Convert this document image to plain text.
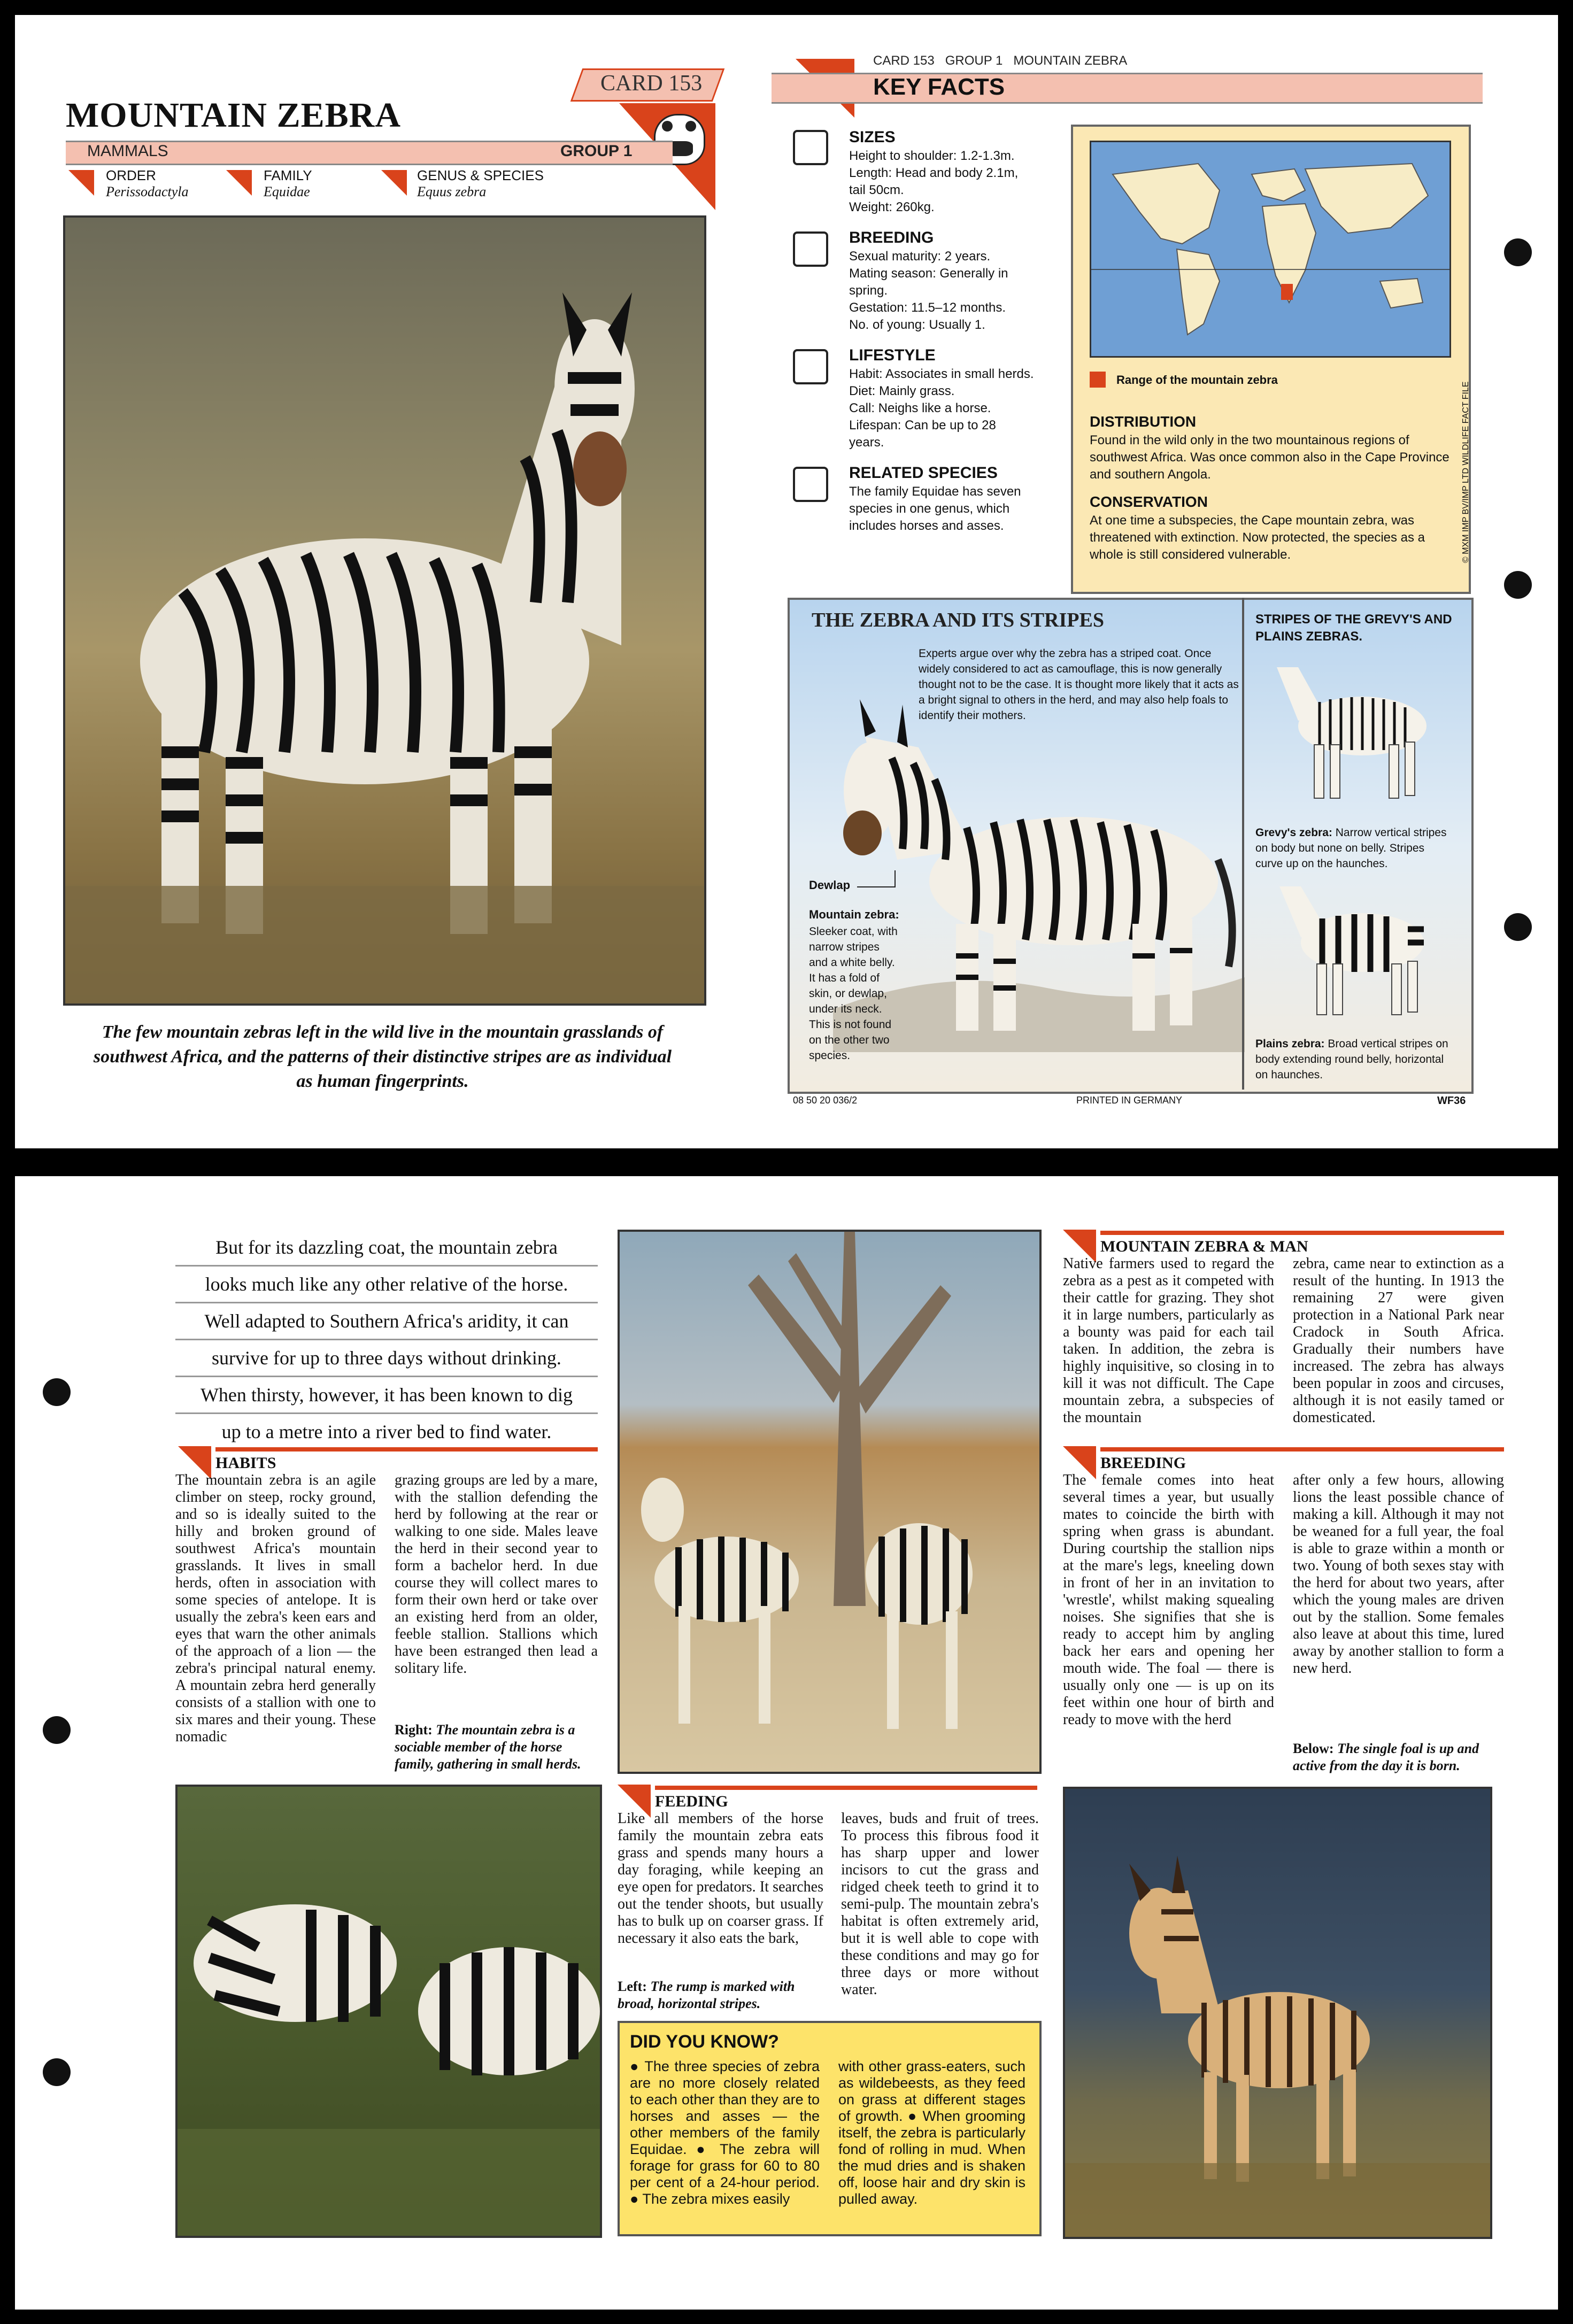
MOUNTAIN ZEBRA
CARD 153
MAMMALS	GROUP 1
ORDER
Perissodactyla
FAMILY
Equidae
GENUS & SPECIES
Equus zebra
The few mountain zebras left in the wild live in the mountain grasslands of southwest Africa, and the patterns of their distinctive stripes are as individual as human fingerprints.
CARD 153   GROUP 1   MOUNTAIN ZEBRA
KEY FACTS
SIZES
Height to shoulder: 1.2-1.3m.
Length: Head and body 2.1m,
tail 50cm.
Weight: 260kg.
BREEDING
Sexual maturity: 2 years.
Mating season: Generally in
spring.
Gestation: 11.5–12 months.
No. of young: Usually 1.
LIFESTYLE
Habit: Associates in small herds.
Diet: Mainly grass.
Call: Neighs like a horse.
Lifespan: Can be up to 28
years.
RELATED SPECIES
The family Equidae has seven
species in one genus, which
includes horses and asses.
Range of the mountain zebra
DISTRIBUTION
Found in the wild only in the two mountainous regions of southwest Africa. Was once common also in the Cape Province and southern Angola.
CONSERVATION
At one time a subspecies, the Cape mountain zebra, was threatened with extinction. Now protected, the species as a whole is still considered vulnerable.	© MXM IMP BV/IMP LTD WILDLIFE FACT FILE
THE ZEBRA AND ITS STRIPES
Experts argue over why the zebra has a striped coat. Once widely considered to act as camouflage, this is now generally thought not to be the case. It is thought more likely that it acts as a bright signal to others in the herd, and may also help foals to identify their mothers.
Dewlap
Mountain zebra:
Sleeker coat, with narrow stripes and a white belly. It has a fold of skin, or dewlap, under its neck. This is not found on the other two species.
STRIPES OF THE GREVY'S AND PLAINS ZEBRAS.
Grevy's zebra: Narrow vertical stripes on body but none on belly. Stripes curve up on the haunches.
Plains zebra: Broad vertical stripes on body extending round belly, horizontal on haunches.
08 50 20 036/2	PRINTED IN GERMANY	WF36
But for its dazzling coat, the mountain zebra
looks much like any other relative of the horse.
Well adapted to Southern Africa's aridity, it can
survive for up to three days without drinking.
When thirsty, however, it has been known to dig
up to a metre into a river bed to find water.
HABITS
The mountain zebra is an agile climber on steep, rocky ground, and so is ideally suited to the hilly and broken ground of southwest Africa's mountain grasslands. It lives in small herds, often in association with some species of antelope. It is usually the zebra's keen ears and eyes that warn the other animals of the approach of a lion — the zebra's principal natural enemy. A mountain zebra herd generally consists of a stallion with one to six mares and their young. These nomadic
grazing groups are led by a mare, with the stallion defending the herd by following at the rear or walking to one side. Males leave the herd in their second year to form a bachelor herd. In due course they will collect mares to form their own herd or take over an existing herd from an older, feeble stallion. Stallions which have been estranged then lead a solitary life.
Right: The mountain zebra is a sociable member of the horse family, gathering in small herds.
FEEDING
Like all members of the horse family the mountain zebra eats grass and spends many hours a day foraging, while keeping an eye open for predators. It searches out the tender shoots, but usually has to bulk up on coarser grass. If necessary it also eats the bark,
leaves, buds and fruit of trees. To process this fibrous food it has sharp upper and lower incisors to cut the grass and ridged cheek teeth to grind it to semi-pulp. The mountain zebra's habitat is often extremely arid, but it is well able to cope with these conditions and may go for three days or more without water.
Left: The rump is marked with broad, horizontal stripes.
DID YOU KNOW?
● The three species of zebra are no more closely related to each other than they are to horses and asses — the other members of the family Equidae. ● The zebra will forage for grass for 60 to 80 per cent of a 24-hour period. ● The zebra mixes easily
with other grass-eaters, such as wildebeests, as they feed on grass at different stages of growth. ● When grooming itself, the zebra is particularly fond of rolling in mud. When the mud dries and is shaken off, loose hair and dry skin is pulled away.
MOUNTAIN ZEBRA & MAN
Native farmers used to regard the zebra as a pest as it competed with their cattle for grazing. They shot it in large numbers, particularly as a bounty was paid for each tail taken. In addition, the zebra is highly inquisitive, so closing in to kill it was not difficult. The Cape mountain zebra, a subspecies of the mountain
zebra, came near to extinction as a result of the hunting. In 1913 the remaining 27 were given protection in a National Park near Cradock in South Africa. Gradually their numbers have increased. The zebra has always been popular in zoos and circuses, although it is not easily tamed or domesticated.
BREEDING
The female comes into heat several times a year, but usually mates to coincide the birth with spring when grass is abundant. During courtship the stallion nips at the mare's legs, kneeling down in front of her in an invitation to 'wrestle', whilst making squealing noises. She signifies that she is ready to accept him by angling back her ears and opening her mouth wide. The foal — there is usually only one — is up on its feet within one hour of birth and ready to move with the herd
after only a few hours, allowing lions the least possible chance of making a kill. Although it may not be weaned for a full year, the foal is able to graze within a month or two. Young of both sexes stay with the herd for about two years, after which the young males are driven out by the stallion. Some females also leave at about this time, lured away by another stallion to form a new herd.
Below: The single foal is up and active from the day it is born.
